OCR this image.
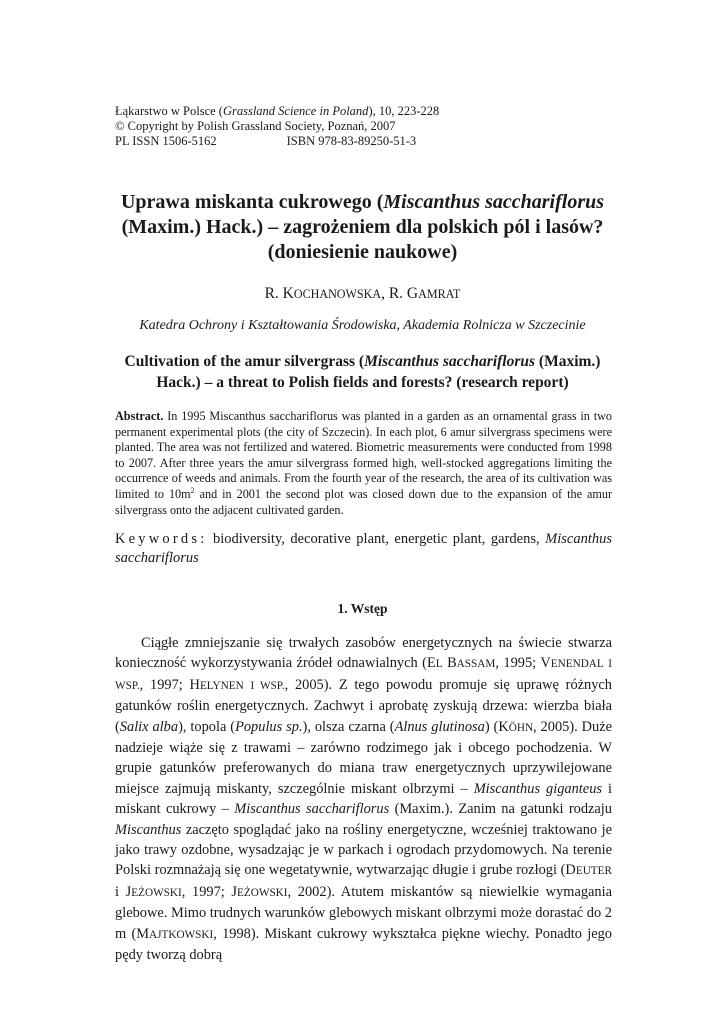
Łąkarstwo w Polsce (Grassland Science in Poland), 10, 223-228
© Copyright by Polish Grassland Society, Poznań, 2007
PL ISSN 1506-5162	ISBN 978-83-89250-51-3
Uprawa miskanta cukrowego (Miscanthus sacchariflorus
(Maxim.) Hack.) – zagrożeniem dla polskich pól i lasów?
(doniesienie naukowe)
R. KOCHANOWSKA, R. GAMRAT
Katedra Ochrony i Kształtowania Środowiska, Akademia Rolnicza w Szczecinie
Cultivation of the amur silvergrass (Miscanthus sacchariflorus (Maxim.)
Hack.) – a threat to Polish fields and forests? (research report)
Abstract. In 1995 Miscanthus sacchariflorus was planted in a garden as an ornamental grass in two permanent experimental plots (the city of Szczecin). In each plot, 6 amur silvergrass specimens were planted. The area was not fertilized and watered. Biometric measurements were conducted from 1998 to 2007. After three years the amur silvergrass formed high, well-stocked aggregations limiting the occurrence of weeds and animals. From the fourth year of the research, the area of its cultivation was limited to $10m^2$ and in 2001 the second plot was closed down due to the expansion of the amur silvergrass onto the adjacent cultivated garden.
Keywords: biodiversity, decorative plant, energetic plant, gardens, Miscanthus sacchariflorus
1. Wstęp
Ciągłe zmniejszanie się trwałych zasobów energetycznych na świecie stwarza konieczność wykorzystywania źródeł odnawialnych (EL BASSAM, 1995; VENENDAL I WSP., 1997; HELYNEN I WSP., 2005). Z tego powodu promuje się uprawę różnych gatunków roślin energetycznych. Zachwyt i aprobatę zyskują drzewa: wierzba biała (Salix alba), topola (Populus sp.), olsza czarna (Alnus glutinosa) (KÖHN, 2005). Duże nadzieje wiąże się z trawami – zarówno rodzimego jak i obcego pochodzenia. W grupie gatunków preferowanych do miana traw energetycznych uprzywilejowane miejsce zajmują miskanty, szczególnie miskant olbrzymi – Miscanthus giganteus i miskant cukrowy – Miscanthus sacchariflorus (Maxim.). Zanim na gatunki rodzaju Miscanthus zaczęto spoglądać jako na rośliny energetyczne, wcześniej traktowano je jako trawy ozdobne, wysadzając je w parkach i ogrodach przydomowych. Na terenie Polski rozmnażają się one wegetatywnie, wytwarzając długie i grube rozłogi (DEUTER i JEŻOWSKI, 1997; JEŻOWSKI, 2002). Atutem miskantów są niewielkie wymagania glebowe. Mimo trudnych warunków glebowych miskant olbrzymi może dorastać do 2 m (MAJTKOWSKI, 1998). Miskant cukrowy wykształca piękne wiechy. Ponadto jego pędy tworzą dobrą
